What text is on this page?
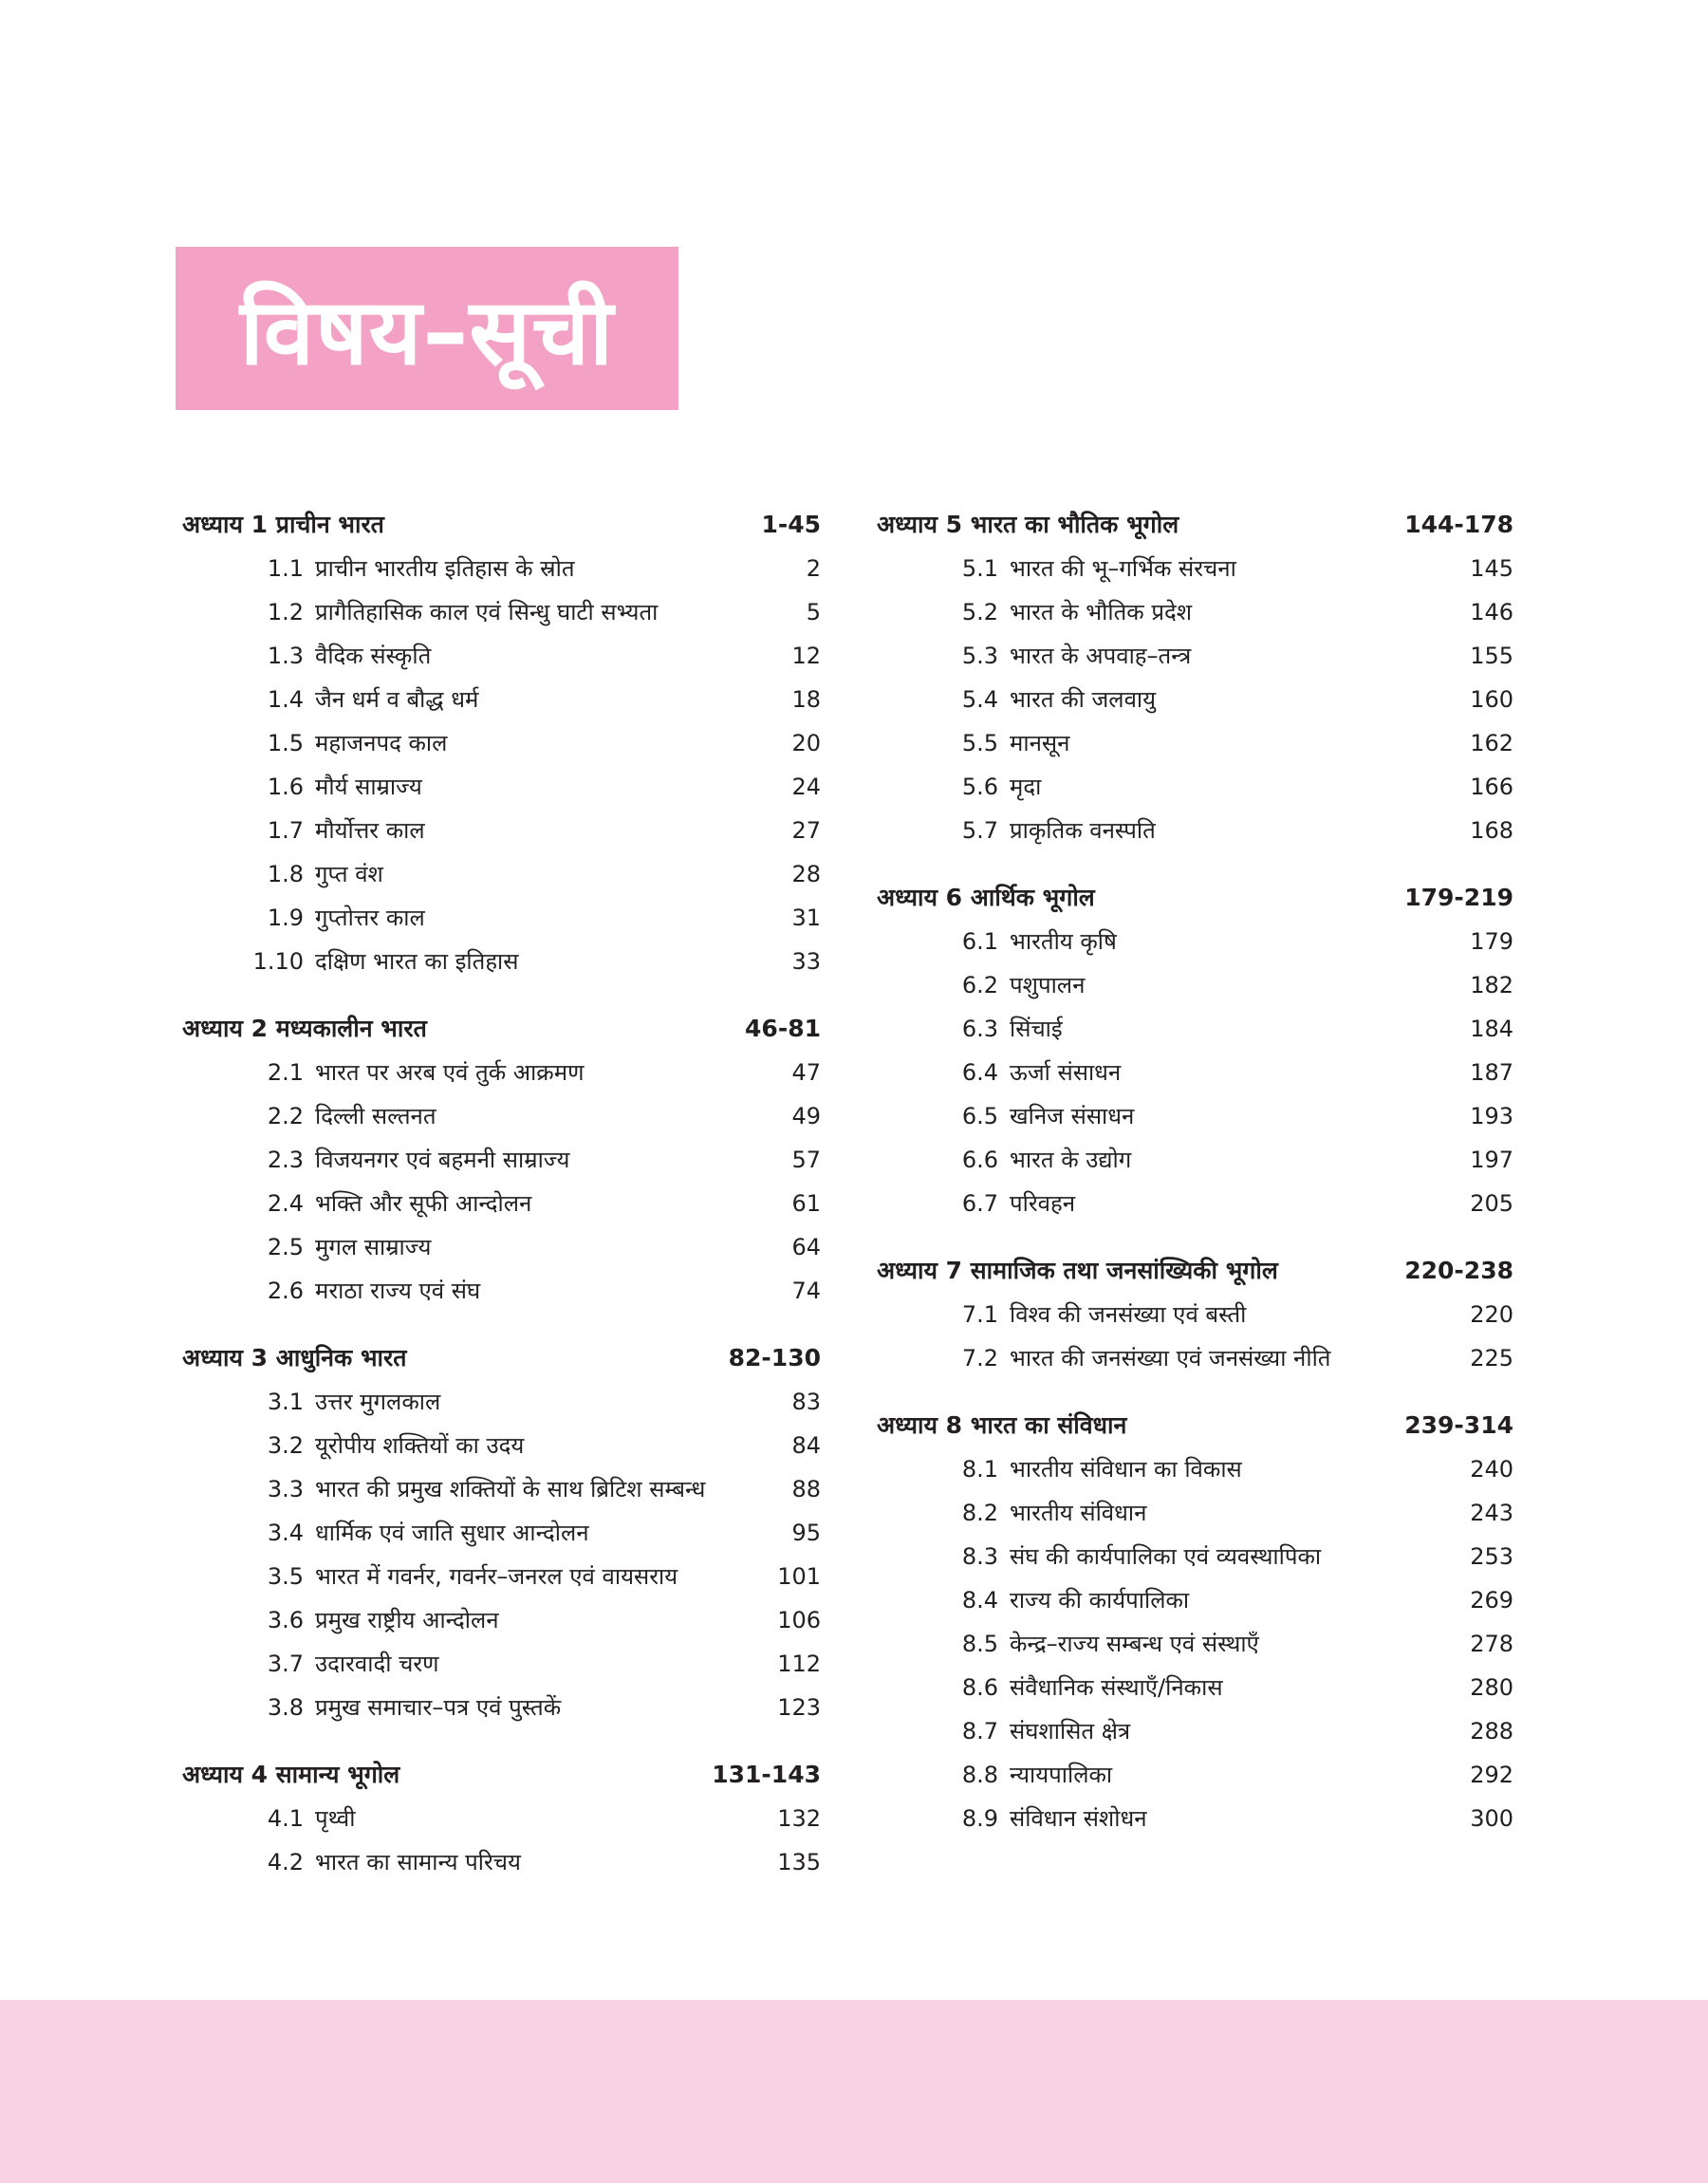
विषय–सूची
अध्याय 1 प्राचीन भारत	1-45
1.1 प्राचीन भारतीय इतिहास के स्रोत	2
1.2 प्रागैतिहासिक काल एवं सिन्धु घाटी सभ्यता	5
1.3 वैदिक संस्कृति	12
1.4 जैन धर्म व बौद्ध धर्म	18
1.5 महाजनपद काल	20
1.6 मौर्य साम्राज्य	24
1.7 मौर्योत्तर काल	27
1.8 गुप्त वंश	28
1.9 गुप्तोत्तर काल	31
1.10 दक्षिण भारत का इतिहास	33
अध्याय 2 मध्यकालीन भारत	46-81
2.1 भारत पर अरब एवं तुर्क आक्रमण	47
2.2 दिल्ली सल्तनत	49
2.3 विजयनगर एवं बहमनी साम्राज्य	57
2.4 भक्ति और सूफी आन्दोलन	61
2.5 मुगल साम्राज्य	64
2.6 मराठा राज्य एवं संघ	74
अध्याय 3 आधुनिक भारत	82-130
3.1 उत्तर मुगलकाल	83
3.2 यूरोपीय शक्तियों का उदय	84
3.3 भारत की प्रमुख शक्तियों के साथ ब्रिटिश सम्बन्ध	88
3.4 धार्मिक एवं जाति सुधार आन्दोलन	95
3.5 भारत में गवर्नर, गवर्नर–जनरल एवं वायसराय	101
3.6 प्रमुख राष्ट्रीय आन्दोलन	106
3.7 उदारवादी चरण	112
3.8 प्रमुख समाचार–पत्र एवं पुस्तकें	123
अध्याय 4 सामान्य भूगोल	131-143
4.1 पृथ्वी	132
4.2 भारत का सामान्य परिचय	135
अध्याय 5 भारत का भौतिक भूगोल	144-178
5.1 भारत की भू–गर्भिक संरचना	145
5.2 भारत के भौतिक प्रदेश	146
5.3 भारत के अपवाह–तन्त्र	155
5.4 भारत की जलवायु	160
5.5 मानसून	162
5.6 मृदा	166
5.7 प्राकृतिक वनस्पति	168
अध्याय 6 आर्थिक भूगोल	179-219
6.1 भारतीय कृषि	179
6.2 पशुपालन	182
6.3 सिंचाई	184
6.4 ऊर्जा संसाधन	187
6.5 खनिज संसाधन	193
6.6 भारत के उद्योग	197
6.7 परिवहन	205
अध्याय 7 सामाजिक तथा जनसांख्यिकी भूगोल	220-238
7.1 विश्व की जनसंख्या एवं बस्ती	220
7.2 भारत की जनसंख्या एवं जनसंख्या नीति	225
अध्याय 8 भारत का संविधान	239-314
8.1 भारतीय संविधान का विकास	240
8.2 भारतीय संविधान	243
8.3 संघ की कार्यपालिका एवं व्यवस्थापिका	253
8.4 राज्य की कार्यपालिका	269
8.5 केन्द्र–राज्य सम्बन्ध एवं संस्थाएँ	278
8.6 संवैधानिक संस्थाएँ/निकास	280
8.7 संघशासित क्षेत्र	288
8.8 न्यायपालिका	292
8.9 संविधान संशोधन	300
